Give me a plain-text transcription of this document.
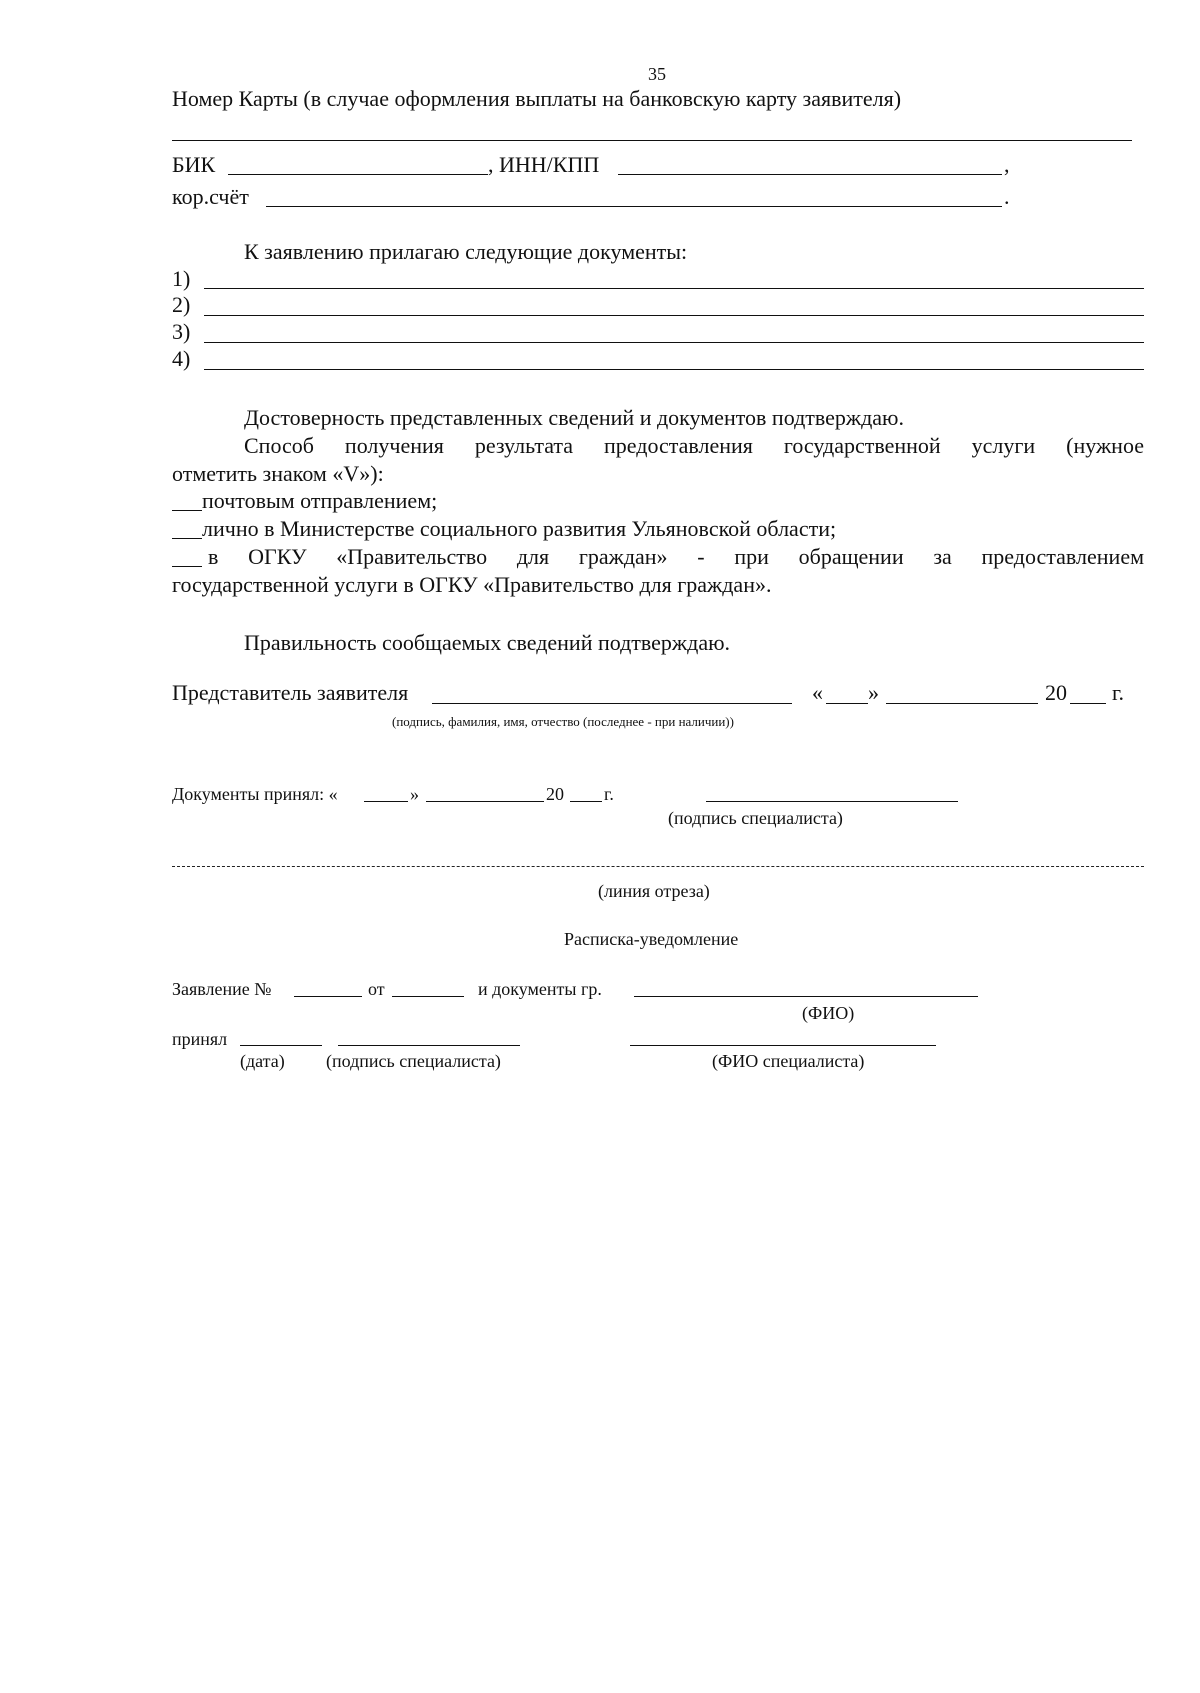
35
Номер Карты (в случае оформления выплаты на банковскую карту заявителя)
БИК	, ИНН/КПП	,
кор.счёт	.
К заявлению прилагаю следующие документы:
1)
2)
3)
4)
Достоверность представленных сведений и документов подтверждаю.
Способ получения результата предоставления государственной услуги (нужное
отметить знаком «V»):
почтовым отправлением;
лично в Министерстве социального развития Ульяновской области;
в ОГКУ «Правительство для граждан» - при обращении за предоставлением
государственной услуги в ОГКУ «Правительство для граждан».
Правильность сообщаемых сведений подтверждаю.
Представитель заявителя	« »	20 г.
(подпись, фамилия, имя, отчество (последнее - при наличии))
Документы принял: «	»	20 г.
(подпись специалиста)
(линия отреза)
Расписка-уведомление
Заявление №	от	и документы гр.
(ФИО)
принял
(дата) (подпись специалиста)	(ФИО специалиста)
